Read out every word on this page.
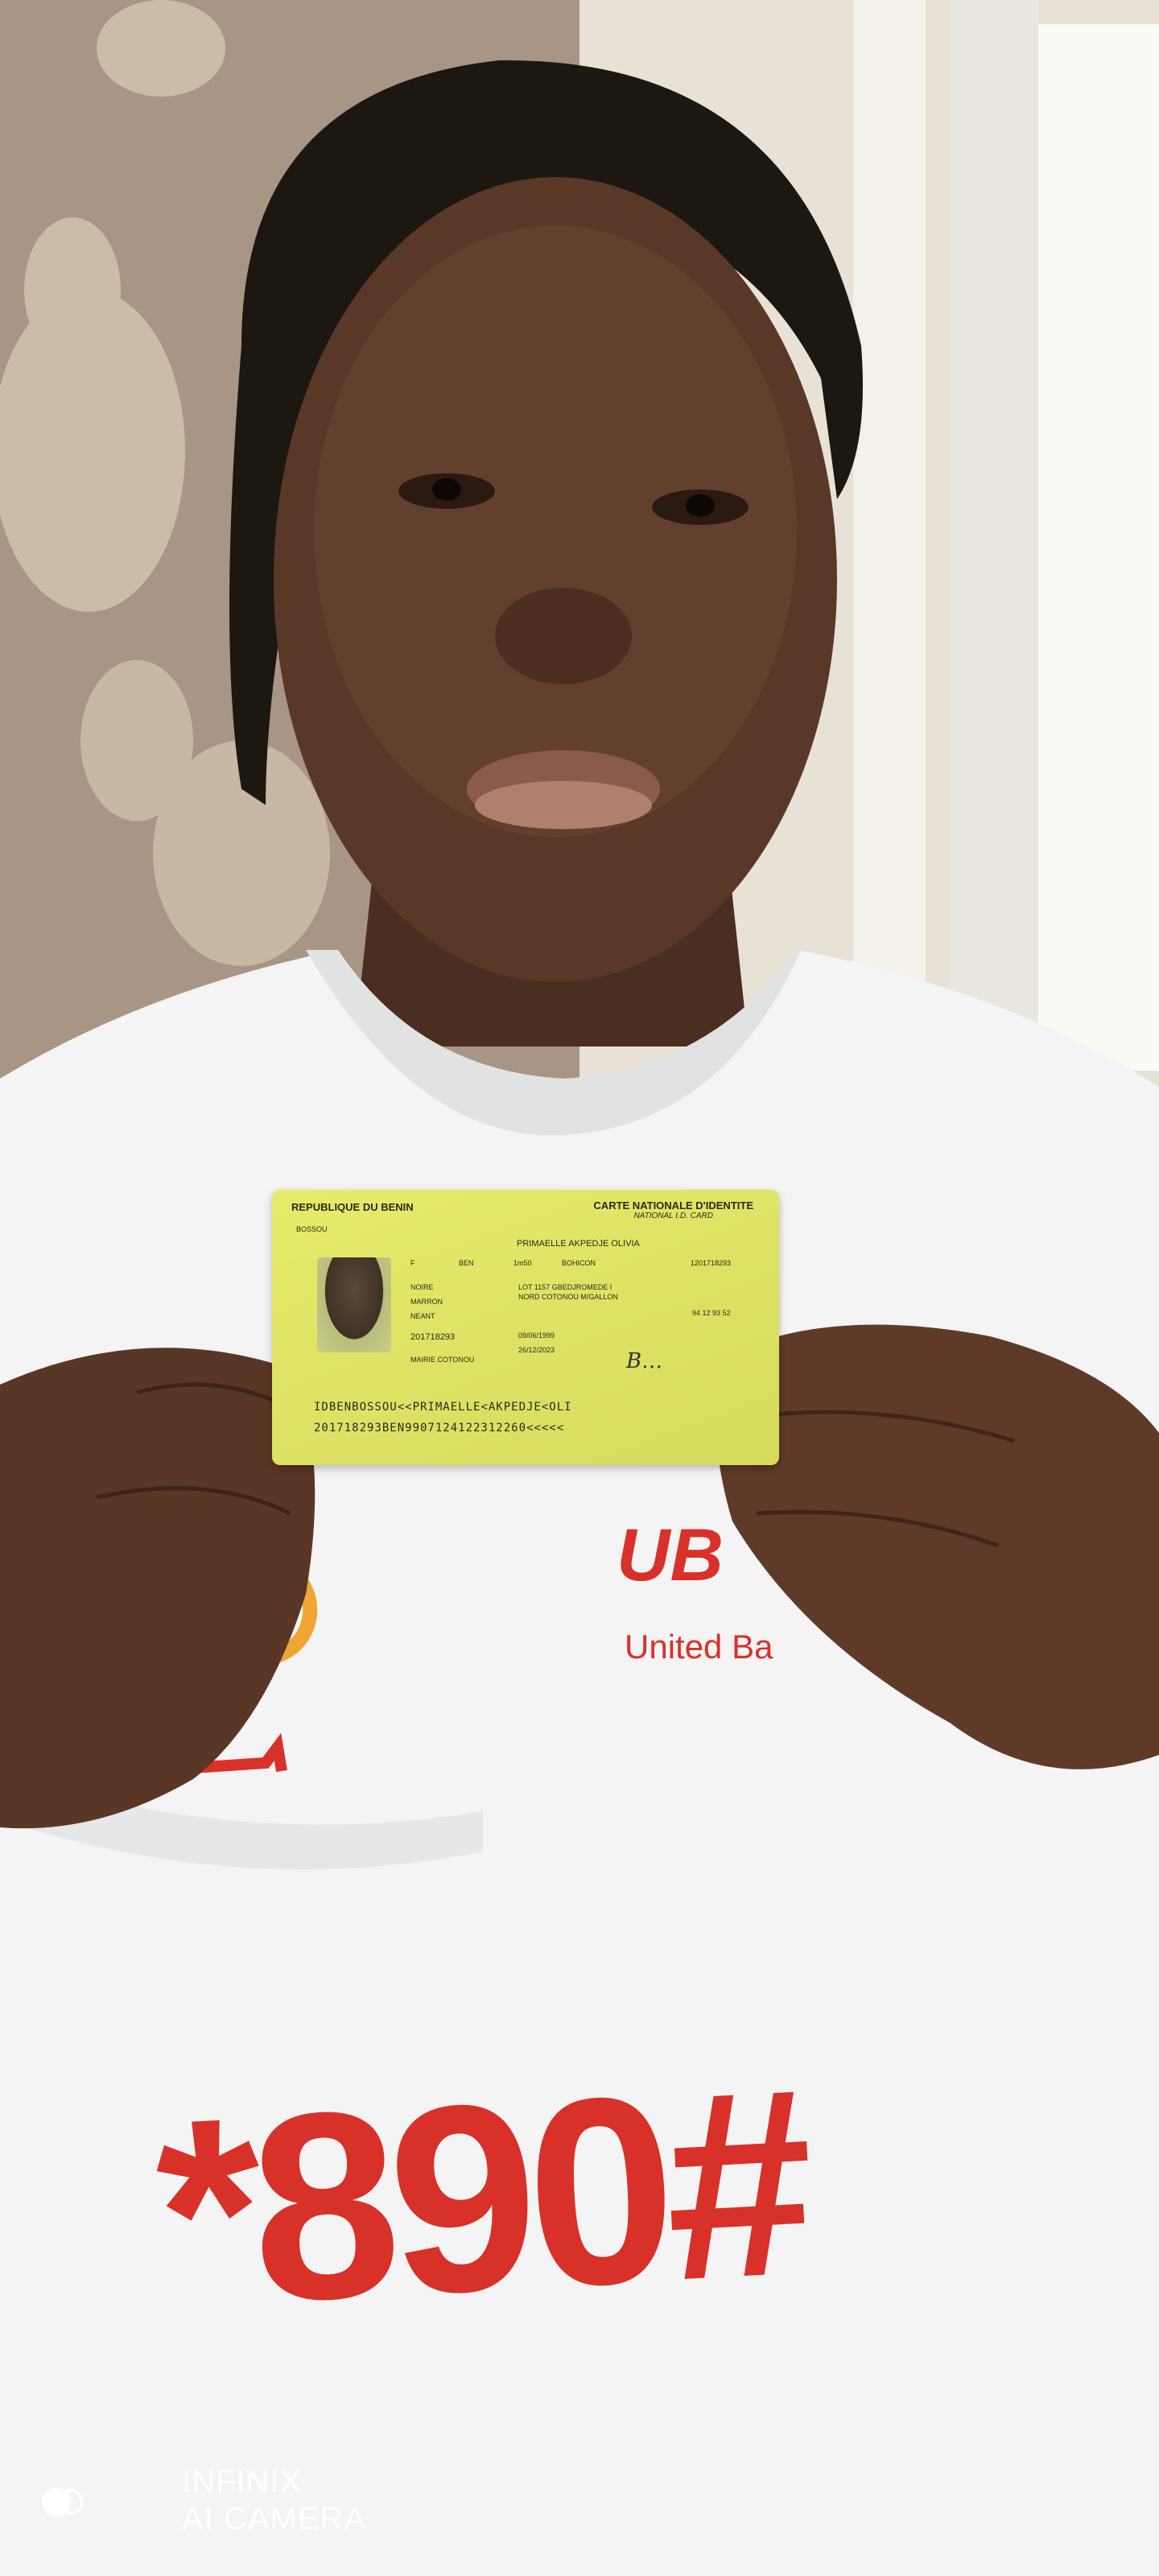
UB
United Ba
*890#
REPUBLIQUE DU BENIN	CARTE NATIONALE D'IDENTITE
NATIONAL I.D. CARD
BOSSOU
F	BEN	1m50	BOHICON	1201718293
PRIMAELLE AKPEDJE OLIVIA
NOIRE	LOT 1157 GBEDJROMEDE I
NORD COTONOU M/GALLON
MARRON
NEANT	94 12 93 52
201718293	09/06/1999
26/12/2023
MAIRIE COTONOU	B…
IDBENBOSSOU<<PRIMAELLE<AKPEDJE<OLI
201718293BEN9907124122312260<<<<<
INFINIX
AI CAMERA
